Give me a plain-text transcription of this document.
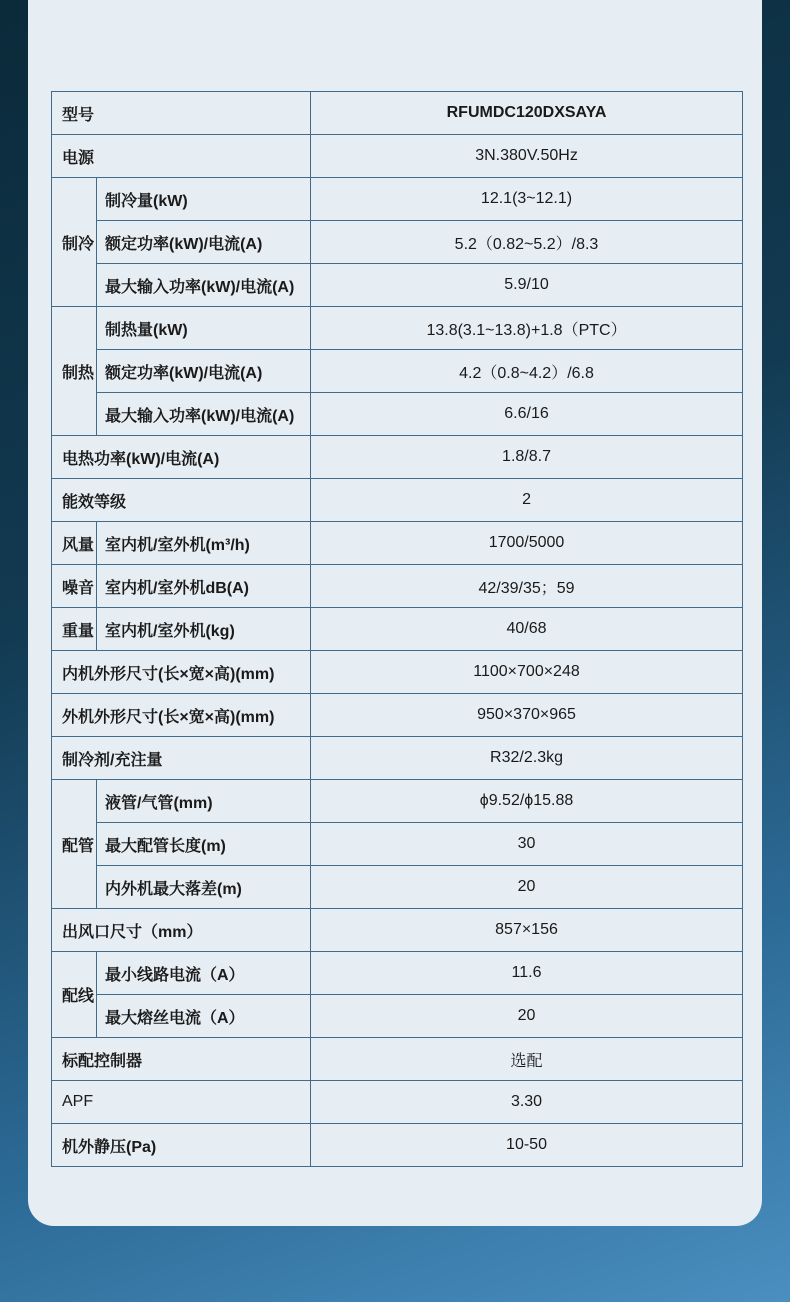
型号		RFUMDC120DXSAYA
电源		3N.380V.50Hz
制冷	制冷量(kW)	12.1(3~12.1)
	额定功率(kW)/电流(A)	5.2（0.82~5.2）/8.3
	最大输入功率(kW)/电流(A)	5.9/10
制热	制热量(kW)	13.8(3.1~13.8)+1.8（PTC）
	额定功率(kW)/电流(A)	4.2（0.8~4.2）/6.8
	最大输入功率(kW)/电流(A)	6.6/16
电热功率(kW)/电流(A)		1.8/8.7
能效等级		2
风量	室内机/室外机(m³/h)	1700/5000
噪音	室内机/室外机dB(A)	42/39/35；59
重量	室内机/室外机(kg)	40/68
内机外形尺寸(长×宽×高)(mm)		1100×700×248
外机外形尺寸(长×宽×高)(mm)		950×370×965
制冷剂/充注量		R32/2.3kg
配管	液管/气管(mm)	ϕ9.52/ϕ15.88
	最大配管长度(m)	30
	内外机最大落差(m)	20
出风口尺寸（mm）		857×156
配线	最小线路电流（A）	11.6
	最大熔丝电流（A）	20
标配控制器		选配
APF		3.30
机外静压(Pa)		10-50
